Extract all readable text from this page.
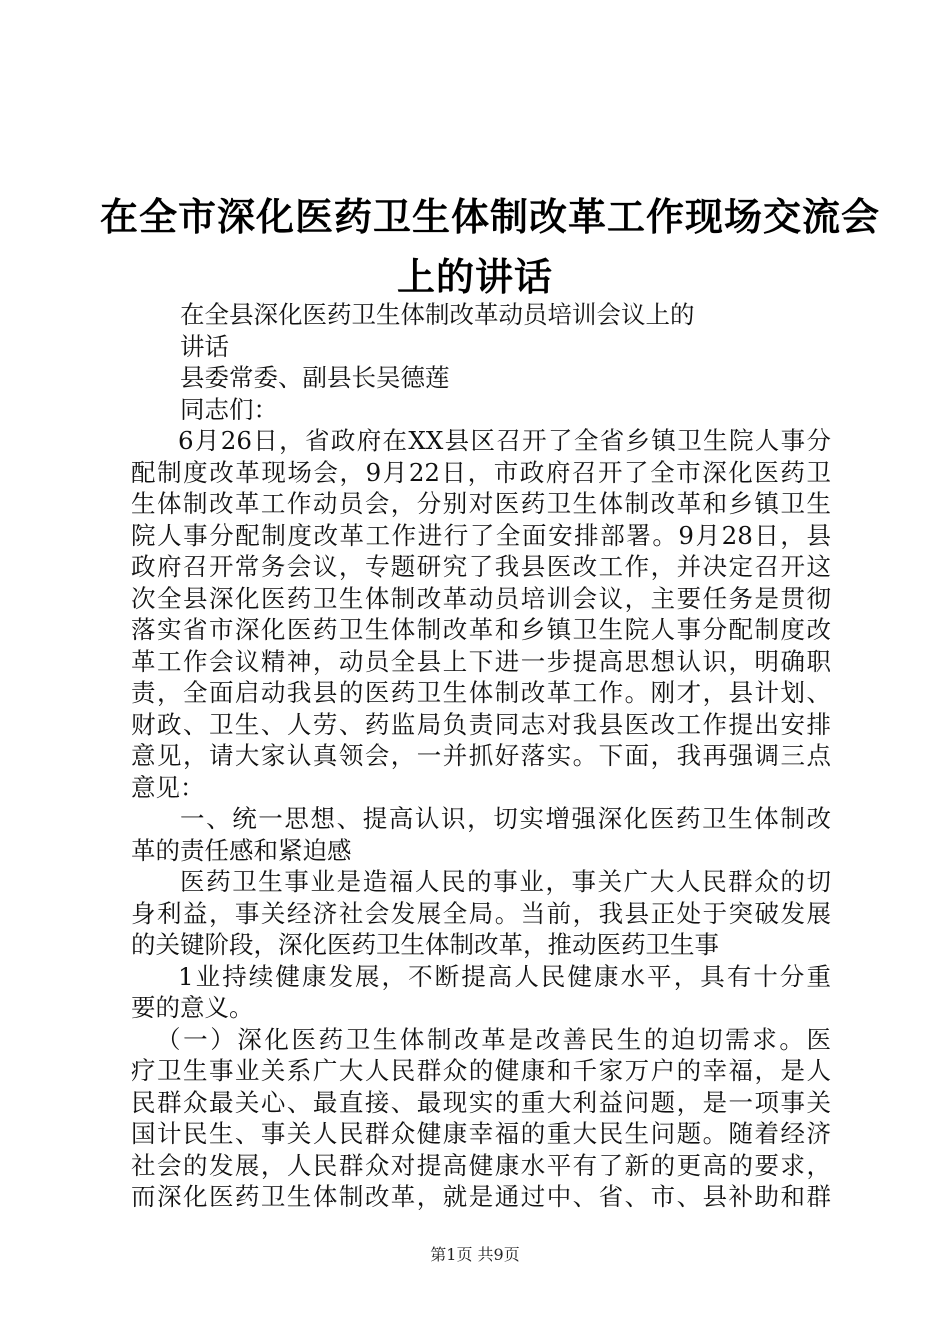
在全市深化医药卫生体制改革工作现场交流会
上的讲话
在全县深化医药卫生体制改革动员培训会议上的
讲话
县委常委、副县长吴德莲
同志们：
6月26日，省政府在XX县区召开了全省乡镇卫生院人事分
配制度改革现场会，9月22日，市政府召开了全市深化医药卫
生体制改革工作动员会，分别对医药卫生体制改革和乡镇卫生
院人事分配制度改革工作进行了全面安排部署。9月28日，县
政府召开常务会议，专题研究了我县医改工作，并决定召开这
次全县深化医药卫生体制改革动员培训会议，主要任务是贯彻
落实省市深化医药卫生体制改革和乡镇卫生院人事分配制度改
革工作会议精神，动员全县上下进一步提高思想认识，明确职
责，全面启动我县的医药卫生体制改革工作。刚才，县计划、
财政、卫生、人劳、药监局负责同志对我县医改工作提出安排
意见，请大家认真领会，一并抓好落实。下面，我再强调三点
意见：
一、统一思想、提高认识，切实增强深化医药卫生体制改
革的责任感和紧迫感
医药卫生事业是造福人民的事业，事关广大人民群众的切
身利益，事关经济社会发展全局。当前，我县正处于突破发展
的关键阶段，深化医药卫生体制改革，推动医药卫生事
1业持续健康发展，不断提高人民健康水平，具有十分重
要的意义。
（一）深化医药卫生体制改革是改善民生的迫切需求。医
疗卫生事业关系广大人民群众的健康和千家万户的幸福，是人
民群众最关心、最直接、最现实的重大利益问题，是一项事关
国计民生、事关人民群众健康幸福的重大民生问题。随着经济
社会的发展，人民群众对提高健康水平有了新的更高的要求，
而深化医药卫生体制改革，就是通过中、省、市、县补助和群
第1页 共9页
